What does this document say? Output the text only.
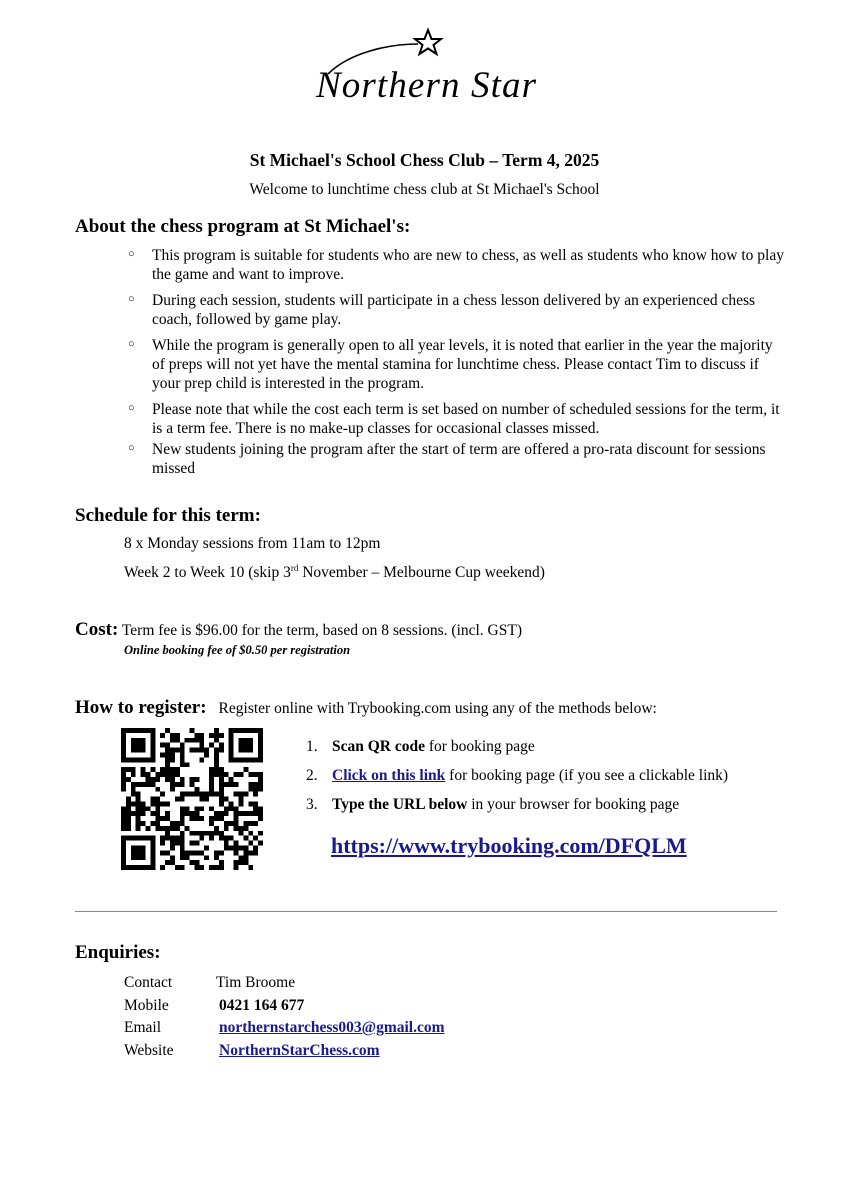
Northern Star
St Michael's School Chess Club – Term 4, 2025
Welcome to lunchtime chess club at St Michael's School
About the chess program at St Michael's:
○ This program is suitable for students who are new to chess, as well as students who know how to play the game and want to improve.
○ During each session, students will participate in a chess lesson delivered by an experienced chess coach, followed by game play.
○ While the program is generally open to all year levels, it is noted that earlier in the year the majority of preps will not yet have the mental stamina for lunchtime chess. Please contact Tim to discuss if your prep child is interested in the program.
○ Please note that while the cost each term is set based on number of scheduled sessions for the term, it is a term fee. There is no make-up classes for occasional classes missed.
○ New students joining the program after the start of term are offered a pro-rata discount for sessions missed
Schedule for this term:
8 x Monday sessions from 11am to 12pm
Week 2 to Week 10 (skip 3rd November – Melbourne Cup weekend)
Cost: Term fee is $96.00 for the term, based on 8 sessions. (incl. GST)
Online booking fee of $0.50 per registration
How to register: Register online with Trybooking.com using any of the methods below:
1. Scan QR code for booking page
2. Click on this link for booking page (if you see a clickable link)
3. Type the URL below in your browser for booking page
https://www.trybooking.com/DFQLM
Enquiries:
Contact	Tim Broome
Mobile	0421 164 677
Email	northernstarchess003@gmail.com
Website	NorthernStarChess.com
